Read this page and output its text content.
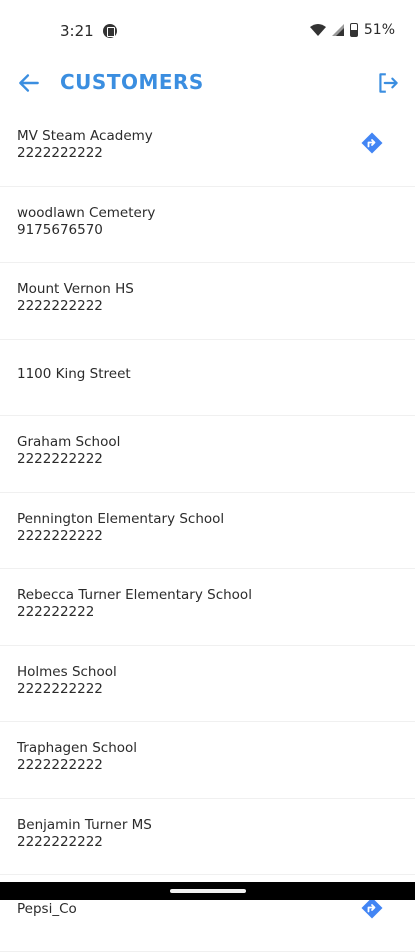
3:21	51%
CUSTOMERS
MV Steam Academy
2222222222
woodlawn Cemetery
9175676570
Mount Vernon HS
2222222222
1100 King Street
Graham School
2222222222
Pennington Elementary School
2222222222
Rebecca Turner Elementary School
222222222
Holmes School
2222222222
Traphagen School
2222222222
Benjamin Turner MS
2222222222
Pepsi_Co
